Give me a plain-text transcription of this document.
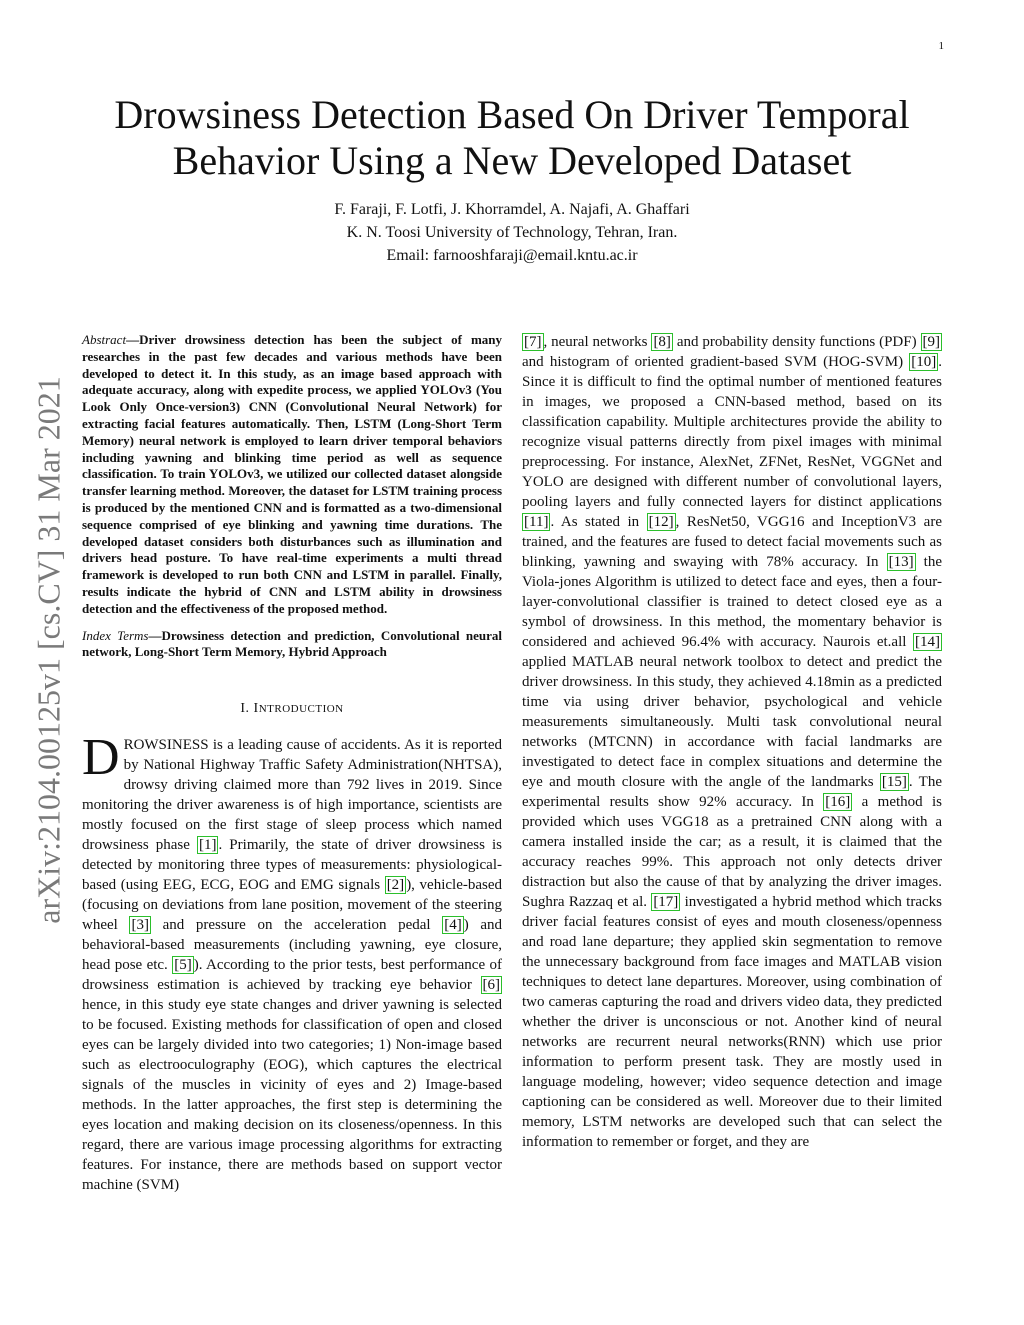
1
arXiv:2104.00125v1 [cs.CV] 31 Mar 2021
Drowsiness Detection Based On Driver Temporal Behavior Using a New Developed Dataset
F. Faraji, F. Lotfi, J. Khorramdel, A. Najafi, A. Ghaffari
K. N. Toosi University of Technology, Tehran, Iran.
Email: farnooshfaraji@email.kntu.ac.ir

Abstract—Driver drowsiness detection has been the subject of many researches in the past few decades and various methods have been developed to detect it. In this study, as an image based approach with adequate accuracy, along with expedite process, we applied YOLOv3 (You Look Only Once-version3) CNN (Convolutional Neural Network) for extracting facial features automatically. Then, LSTM (Long-Short Term Memory) neural network is employed to learn driver temporal behaviors including yawning and blinking time period as well as sequence classification. To train YOLOv3, we utilized our collected dataset alongside transfer learning method. Moreover, the dataset for LSTM training process is produced by the mentioned CNN and is formatted as a two-dimensional sequence comprised of eye blinking and yawning time durations. The developed dataset considers both disturbances such as illumination and drivers head posture. To have real-time experiments a multi thread framework is developed to run both CNN and LSTM in parallel. Finally, results indicate the hybrid of CNN and LSTM ability in drowsiness detection and the effectiveness of the proposed method.

Index Terms—Drowsiness detection and prediction, Convolutional neural network, Long-Short Term Memory, Hybrid Approach

I. INTRODUCTION

DROWSINESS is a leading cause of accidents. As it is reported by National Highway Traffic Safety Administration(NHTSA), drowsy driving claimed more than 792 lives in 2019. Since monitoring the driver awareness is of high importance, scientists are mostly focused on the first stage of sleep process which named drowsiness phase [1] . Primarily, the state of driver drowsiness is detected by monitoring three types of measurements: physiological-based (using EEG, ECG, EOG and EMG signals [2] ), vehicle-based (focusing on deviations from lane position, movement of the steering wheel [3] and pressure on the acceleration pedal [4] ) and behavioral-based measurements (including yawning, eye closure, head pose etc. [5] ). According to the prior tests, best performance of drowsiness estimation is achieved by tracking eye behavior [6] hence, in this study eye state changes and driver yawning is selected to be focused. Existing methods for classification of open and closed eyes can be largely divided into two categories; 1) Non-image based such as electrooculography (EOG), which captures the electrical signals of the muscles in vicinity of eyes and 2) Image-based methods. In the latter approaches, the first step is determining the eyes location and making decision on its closeness/openness. In this regard, there are various image processing algorithms for extracting features. For instance, there are methods based on support vector machine (SVM)

[7] , neural networks [8] and probability density functions (PDF) [9] and histogram of oriented gradient-based SVM (HOG-SVM) [10] . Since it is difficult to find the optimal number of mentioned features in images, we proposed a CNN-based method, based on its classification capability. Multiple architectures provide the ability to recognize visual patterns directly from pixel images with minimal preprocessing. For instance, AlexNet, ZFNet, ResNet, VGGNet and YOLO are designed with different number of convolutional layers, pooling layers and fully connected layers for distinct applications [11] . As stated in [12] , ResNet50, VGG16 and InceptionV3 are trained, and the features are fused to detect facial movements such as blinking, yawning and swaying with 78% accuracy. In [13] the Viola-jones Algorithm is utilized to detect face and eyes, then a four-layer-convolutional classifier is trained to detect closed eye as a symbol of drowsiness. In this method, the momentary behavior is considered and achieved 96.4% with accuracy. Naurois et.all [14] applied MATLAB neural network toolbox to detect and predict the driver drowsiness. In this study, they achieved 4.18min as a predicted time via using driver behavior, psychological and vehicle measurements simultaneously. Multi task convolutional neural networks (MTCNN) in accordance with facial landmarks are investigated to detect face in complex situations and determine the eye and mouth closure with the angle of the landmarks [15] . The experimental results show 92% accuracy. In [16] a method is provided which uses VGG18 as a pretrained CNN along with a camera installed inside the car; as a result, it is claimed that the accuracy reaches 99%. This approach not only detects driver distraction but also the cause of that by analyzing the driver images. Sughra Razzaq et al. [17] investigated a hybrid method which tracks driver facial features consist of eyes and mouth closeness/openness and road lane departure; they applied skin segmentation to remove the unnecessary background from face images and MATLAB vision techniques to detect lane departures. Moreover, using combination of two cameras capturing the road and drivers video data, they predicted whether the driver is unconscious or not. Another kind of neural networks are recurrent neural networks(RNN) which use prior information to perform present task. They are mostly used in language modeling, however; video sequence detection and image captioning can be considered as well. Moreover due to their limited memory, LSTM networks are developed such that can select the information to remember or forget, and they are
